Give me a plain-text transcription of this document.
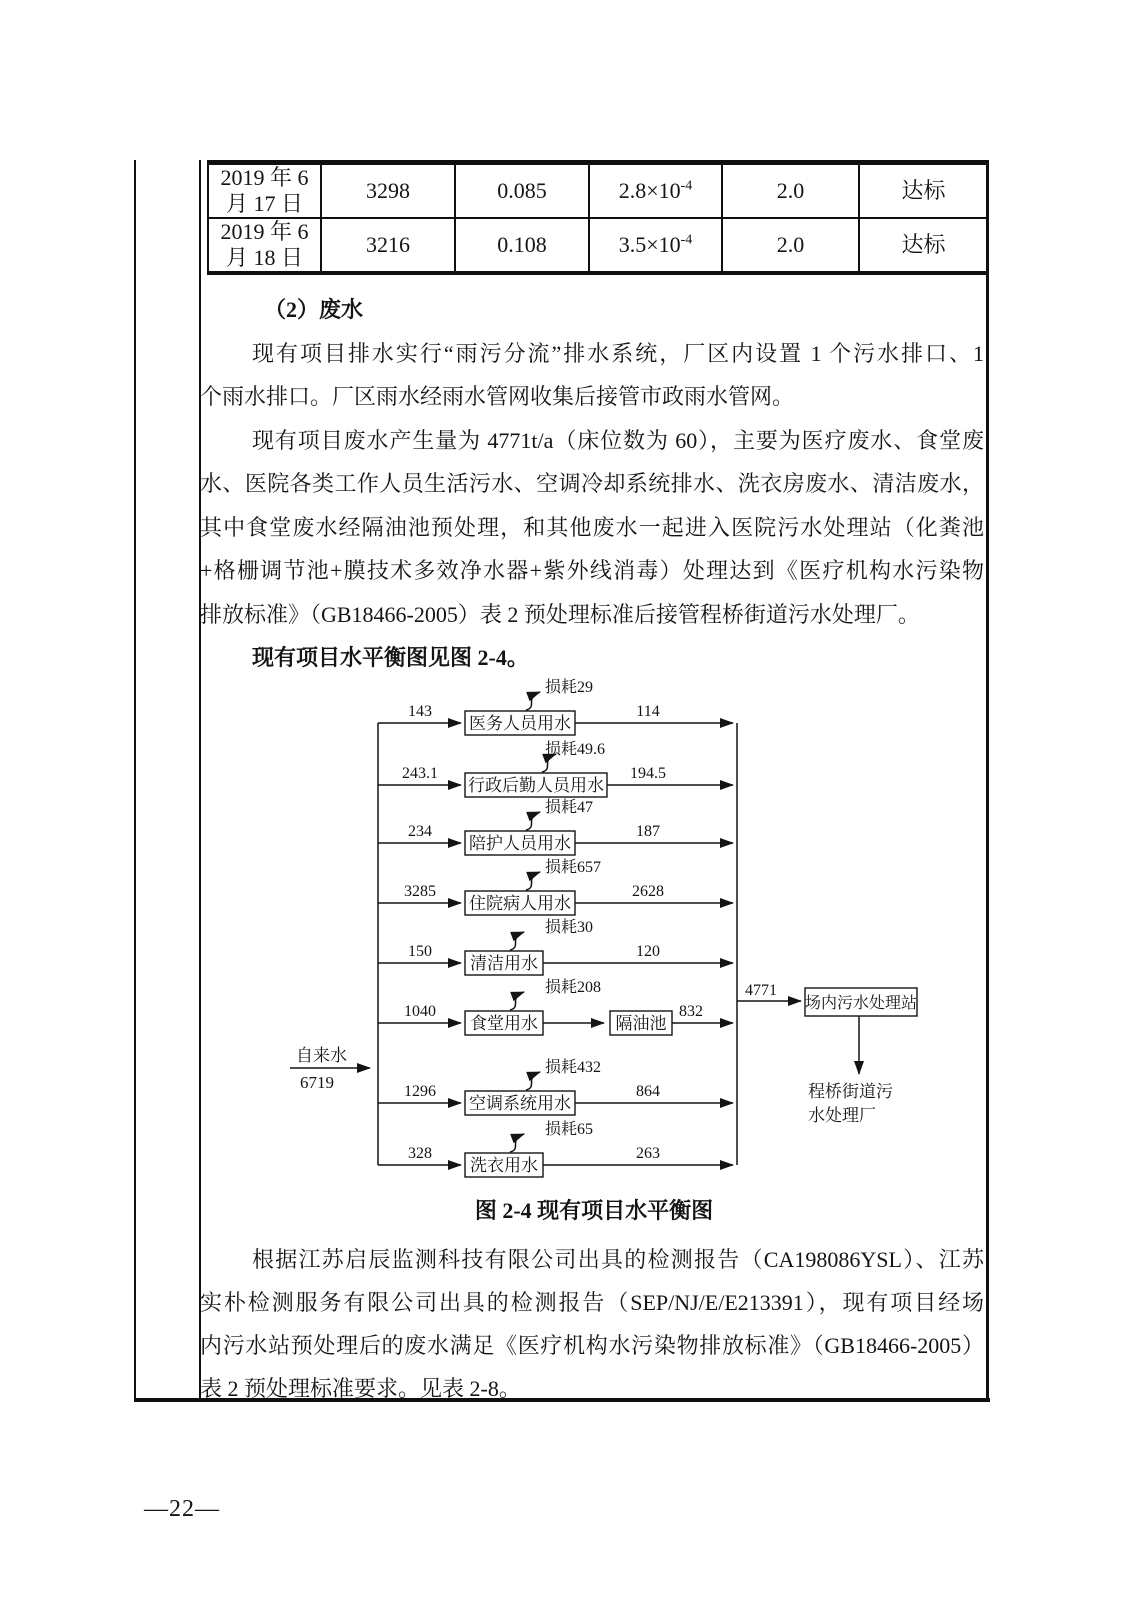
2019 年 6
月 17 日
3298	0.085	$2.8\times 10^{-4}$	2.0	达标
2019 年 6
月 18 日
3216	0.108	$3.5\times 10^{-4}$	2.0	达标
（2）废水
现有项目排水实行“雨污分流”排水系统，厂区内设置 1 个污水排口、1
个雨水排口。厂区雨水经雨水管网收集后接管市政雨水管网。
现有项目废水产生量为 4771t/a（床位数为 60），主要为医疗废水、食堂废
水、医院各类工作人员生活污水、空调冷却系统排水、洗衣房废水、清洁废水，
其中食堂废水经隔油池预处理，和其他废水一起进入医院污水处理站（化粪池
+格栅调节池+膜技术多效净水器+紫外线消毒）处理达到《医疗机构水污染物
排放标准》（GB18466-2005）表 2 预处理标准后接管程桥街道污水处理厂。
现有项目水平衡图见图 2-4。
自来水
6719
143
医务人员用水
损耗29
114
243.1
行政后勤人员用水
损耗49.6
194.5
234
陪护人员用水
损耗47
187
3285
住院病人用水
损耗657
2628
150
清洁用水
损耗30
120
1040
食堂用水
损耗208
隔油池
832
1296
空调系统用水
损耗432
864
328
洗衣用水
损耗65
263
4771
场内污水处理站
程桥街道污
水处理厂
图 2-4 现有项目水平衡图
根据江苏启辰监测科技有限公司出具的检测报告（CA198086YSL）、江苏
实朴检测服务有限公司出具的检测报告（SEP/NJ/E/E213391），现有项目经场
内污水站预处理后的废水满足《医疗机构水污染物排放标准》（GB18466-2005）
表 2 预处理标准要求。见表 2-8。
—22—
